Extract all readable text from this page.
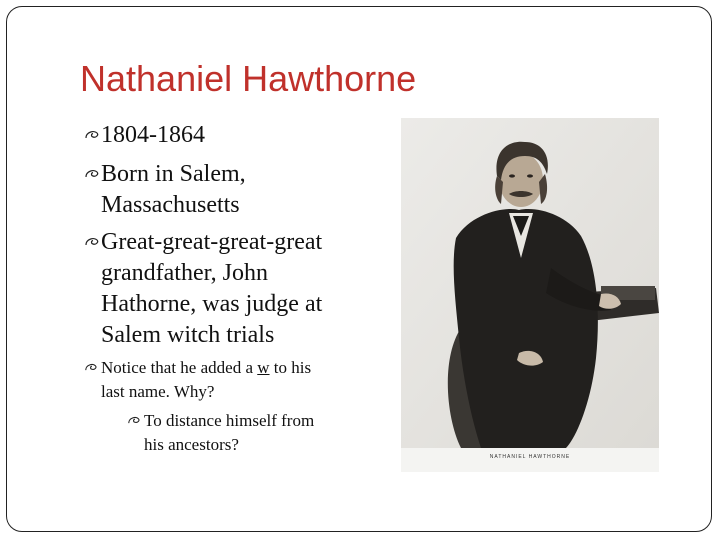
Nathaniel Hawthorne
1804-1864
Born in Salem,
Massachusetts
Great-great-great-great
grandfather, John
Hathorne, was judge at
Salem witch trials
Notice that he added a w to his
last name. Why?
To distance himself from
his ancestors?
NATHANIEL HAWTHORNE
